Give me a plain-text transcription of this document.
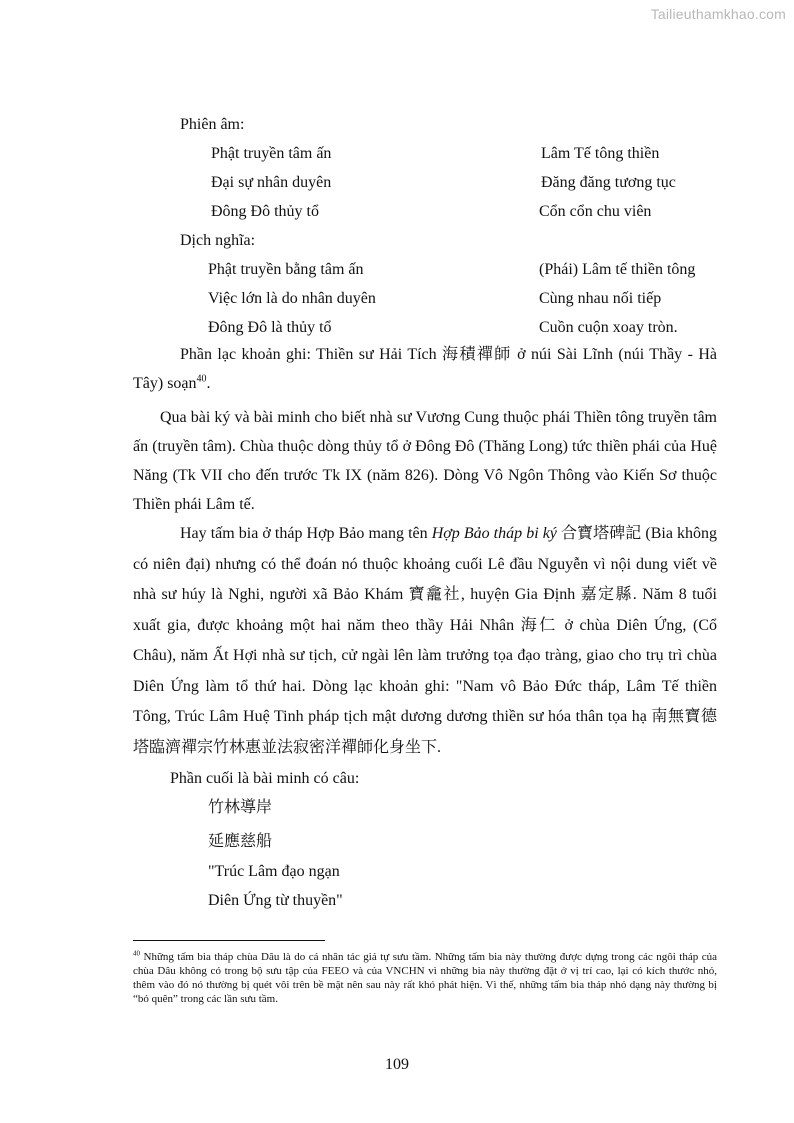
Tailieuthamkhao.com
Phiên âm:
Phật truyền tâm ấn	Lâm Tế tông thiền
Đại sự nhân duyên	Đăng đăng tương tục
Đông Đô thủy tổ	Cổn cổn chu viên
Dịch nghĩa:
Phật truyền bằng tâm ấn	(Phái) Lâm tế thiền tông
Việc lớn là do nhân duyên	Cùng nhau nối tiếp
Đông Đô là thủy tổ	Cuồn cuộn xoay tròn.
Phần lạc khoản ghi: Thiền sư Hải Tích 海積禪師 ở núi Sài Lĩnh (núi Thầy - Hà Tây) soạn$^{40}$.
Qua bài ký và bài minh cho biết nhà sư Vương Cung thuộc phái Thiền tông truyền tâm ấn (truyền tâm). Chùa thuộc dòng thủy tổ ở Đông Đô (Thăng Long) tức thiền phái của Huệ Năng (Tk VII cho đến trước Tk IX (năm 826). Dòng Vô Ngôn Thông vào Kiến Sơ thuộc Thiền phái Lâm tế.
Hay tấm bia ở tháp Hợp Bảo mang tên Hợp Bảo tháp bi ký 合寶塔碑記 (Bia không có niên đại) nhưng có thể đoán nó thuộc khoảng cuối Lê đầu Nguyễn vì nội dung viết về nhà sư húy là Nghi, người xã Bảo Khám 寶龕社, huyện Gia Định 嘉定縣. Năm 8 tuổi xuất gia, được khoảng một hai năm theo thầy Hải Nhân 海仁 ở chùa Diên Ứng, (Cổ Châu), năm Ất Hợi nhà sư tịch, cử ngài lên làm trưởng tọa đạo tràng, giao cho trụ trì chùa Diên Ứng làm tổ thứ hai. Dòng lạc khoản ghi: "Nam vô Bảo Đức tháp, Lâm Tế thiền Tông, Trúc Lâm Huệ Tinh pháp tịch mật dương dương thiền sư hóa thân tọa hạ 南無寶德塔臨濟禪宗竹林惠並法寂密洋禪師化身坐下.
Phần cuối là bài minh có câu:
竹林導岸
延應慈船
"Trúc Lâm đạo ngạn
Diên Ứng từ thuyền"
$^{40}$ Những tấm bia tháp chùa Dâu là do cá nhân tác giả tự sưu tầm. Những tấm bia này thường được dựng trong các ngôi tháp của chùa Dâu không có trong bộ sưu tập của FEEO và của VNCHN vì những bia này thường đặt ở vị trí cao, lại có kích thước nhỏ, thêm vào đó nó thường bị quét vôi trên bề mặt nên sau này rất khó phát hiện. Vì thế, những tấm bia tháp nhỏ dạng này thường bị “bỏ quên” trong các lần sưu tầm.
109
